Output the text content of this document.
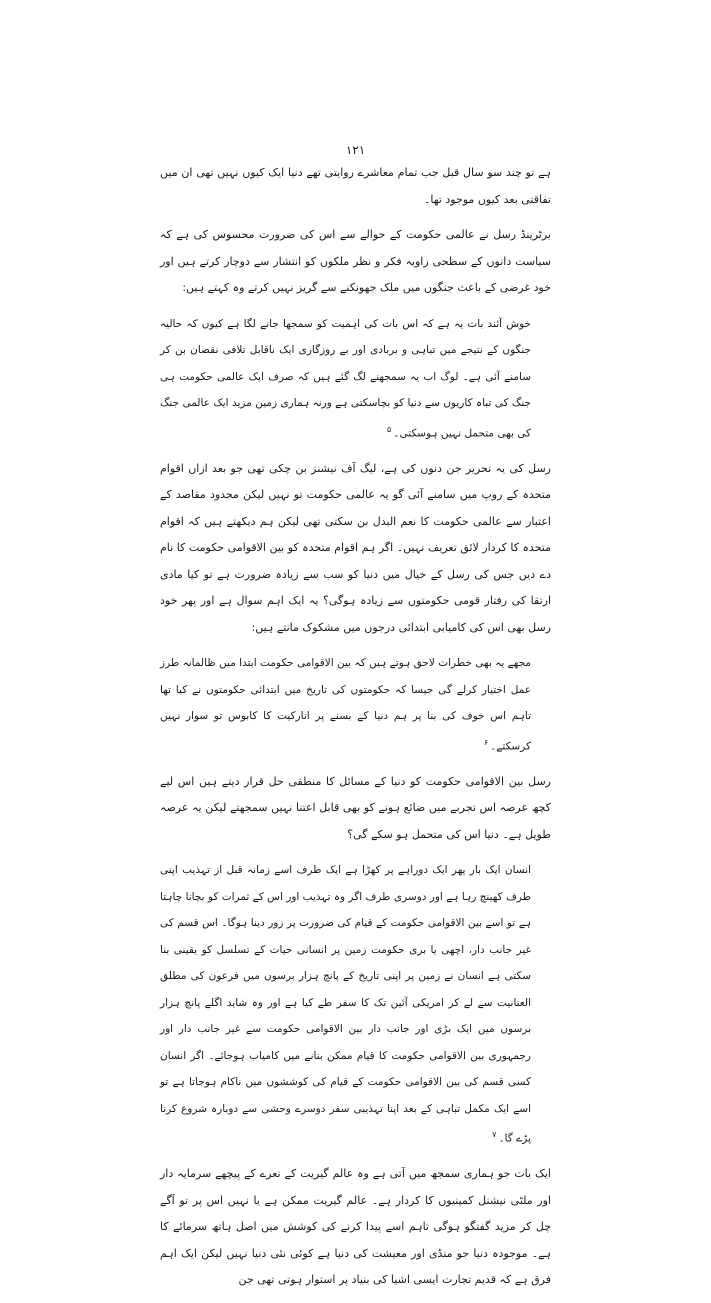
۱۲۱

ہے تو چند سو سال قبل جب تمام معاشرے روایتی تھے دنیا ایک کیوں نہیں تھی ان میں تفاقتی بعد کیوں موجود تھا۔

برٹرینڈ رسل نے عالمی حکومت کے حوالے سے اس کی ضرورت محسوس کی ہے کہ سیاست دانوں کے سطحی زاویہ فکر و نظر ملکوں کو انتشار سے دوچار کرتے ہیں اور خود غرضی کے باعث جنگوں میں ملک جھونکنے سے گریز نہیں کرتے وہ کہتے ہیں:

خوش آئند بات یہ ہے کہ اس بات کی اہمیت کو سمجھا جانے لگا ہے کیوں کہ حالیہ جنگوں کے نتیجے میں تباہی و بربادی اور بے روزگاری ایک ناقابل تلافی نقصان بن کر سامنے آئی ہے۔ لوگ اب یہ سمجھنے لگ گئے ہیں کہ صرف ایک عالمی حکومت ہی جنگ کی تباہ کاریوں سے دنیا کو بچاسکتی ہے ورنہ ہماری زمین مزید ایک عالمی جنگ کی بھی متحمل نہیں ہوسکتی۔$^۵$

رسل کی یہ تحریر جن دنوں کی ہے، لیگ آف نیشنز بن چکی تھی جو بعد ازاں اقوام متحدہ کے روپ میں سامنے آئی گو یہ عالمی حکومت تو نہیں لیکن محدود مقاصد کے اعتبار سے عالمی حکومت کا نعم البدل بن سکتی تھی لیکن ہم دیکھتے ہیں کہ اقوام متحدہ کا کردار لائق تعریف نہیں۔ اگر ہم اقوام متحدہ کو بین الاقوامی حکومت کا نام دے دیں جس کی رسل کے خیال میں دنیا کو سب سے زیادہ ضرورت ہے تو کیا مادی ارتقا کی رفتار قومی حکومتوں سے زیادہ ہوگی؟ یہ ایک اہم سوال ہے اور پھر خود رسل بھی اس کی کامیابی ابتدائی درجوں میں مشکوک مانتے ہیں:

مجھے یہ بھی خطرات لاحق ہوتے ہیں کہ بین الاقوامی حکومت ابتدا میں ظالمانہ طرز عمل اختیار کرلے گی جیسا کہ حکومتوں کی تاریخ میں ابتدائی حکومتوں نے کیا تھا تاہم اس خوف کی بنا پر ہم دنیا کے بسنے پر انارکیت کا کابوس تو سوار نہیں کرسکتے۔$^۶$

رسل بین الاقوامی حکومت کو دنیا کے مسائل کا منطقی حل قرار دیتے ہیں اس لیے کچھ عرصہ اس تجربے میں ضائع ہونے کو بھی قابل اعتنا نہیں سمجھتے لیکن یہ عرصہ طویل ہے۔ دنیا اس کی متحمل ہو سکے گی؟

انسان ایک بار پھر ایک دوراہے پر کھڑا ہے ایک طرف اسے زمانہ قبل از تہذیب اپنی طرف کھینچ رہا ہے اور دوسری طرف اگر وہ تہذیب اور اس کے ثمرات کو بچانا چاہتا ہے تو اسے بین الاقوامی حکومت کے قیام کی ضرورت پر زور دینا ہوگا۔ اس قسم کی غیر جانب دار، اچھی یا بری حکومت زمین پر انسانی حیات کے تسلسل کو یقینی بنا سکتی ہے انسان نے زمین پر اپنی تاریخ کے پانچ ہزار برسوں میں فرعون کی مطلق العنانیت سے لے کر امریکی آئین تک کا سفر طے کیا ہے اور وہ شاید اگلے پانچ ہزار برسوں میں ایک بڑی اور جانب دار بین الاقوامی حکومت سے غیر جانب دار اور رجمہوری بین الاقوامی حکومت کا قیام ممکن بنانے میں کامیاب ہوجائے۔ اگر انسان کسی قسم کی بین الاقوامی حکومت کے قیام کی کوششوں میں ناکام ہوجاتا ہے تو اسے ایک مکمل تباہی کے بعد اپنا تہذیبی سفر دوسرے وحشی سے دوبارہ شروع کرنا پڑے گا۔$^۷$

ایک بات جو ہماری سمجھ میں آتی ہے وہ عالم گیریت کے نعرے کے پیچھے سرمایہ دار اور ملٹی نیشنل کمپنیوں کا کردار ہے۔ عالم گیریت ممکن ہے یا نہیں اس پر تو آگے چل کر مزید گفتگو ہوگی تاہم اسے پیدا کرنے کی کوشش میں اصل ہاتھ سرمائے کا ہے۔ موجودہ دنیا جو منڈی اور معیشت کی دنیا ہے کوئی نئی دنیا نہیں لیکن ایک اہم فرق ہے کہ قدیم تجارت ایسی اشیا کی بنیاد پر استوار ہوتی تھی جن
